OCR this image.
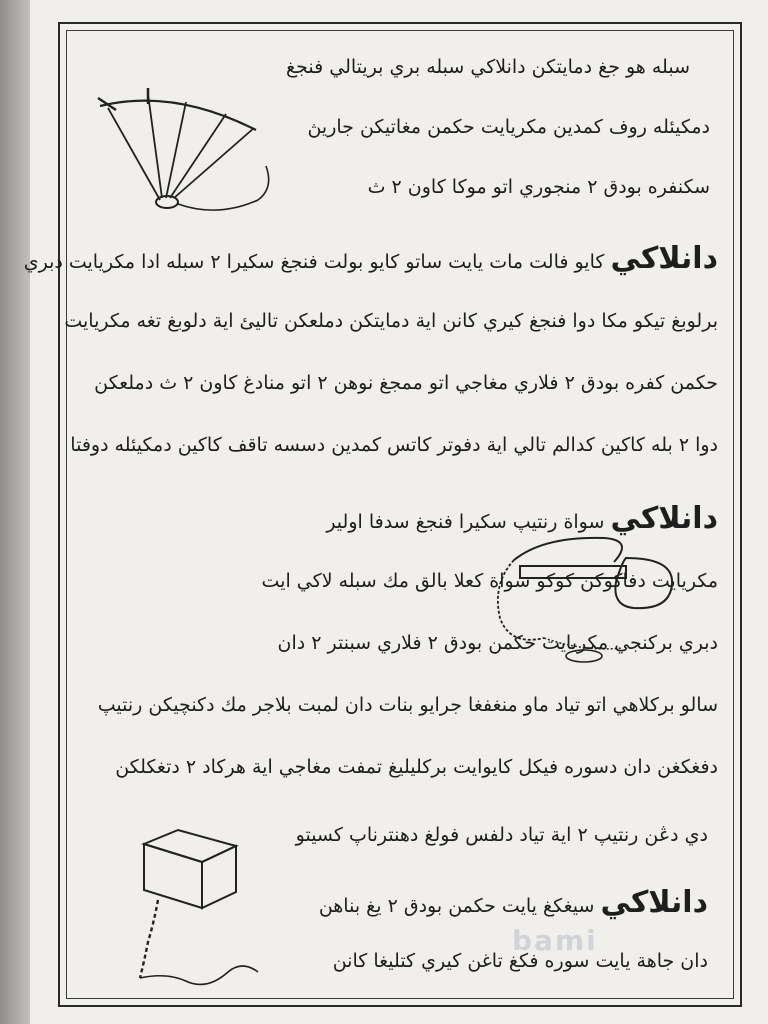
سبله هو جغ دمايتكن دانلاكي سبله بري بريتالي فنجغ
دمكيئله روف كمدين مكريايت حكمن مغاتيكن جاريڽ
سكنفره بودق ٢ منجوري اتو موكا كاون ٢ ث
دانلاكي كايو فالت مات يايت ساتو كايو بولت فنجغ سكيرا ٢ سبله ادا مكريايت دبري
برلوبغ تيكو مكا دوا فنجغ كيري كانن اية دمايتكن دملعكن تاليئ اية دلوبغ تغه مكريايت
حكمن كفره بودق ٢ فلاري مغاجي اتو ممجغ نوهن ٢ اتو منادغ كاون ٢ ث دملعكن
دوا ٢ بله كاكين كدالم تالي اية دفوتر كاتس كمدين دسسه تاقف كاكين دمكيئله دوفتا
دانلاكي سواة رنتيپ سكيرا فنجغ سدفا اولير
مكريايت دفاكوكن كوكو سواة كعلا بالق مك سبله لاكي ايت
دبري بركنجي مكريايت حكمن بودق ٢ فلاري سبنتر ٢ دان
سالو بركلاهي اتو تياد ماو منغفغا جرايو بنات دان لمبت بلاجر مك دكنچيكن رنتيپ
دفغكغن دان دسوره فيكل كايوايت بركليليغ تمفت مغاجي اية هركاد ٢ دتغكلكن
دي دڠن رنتيپ ٢ اية تياد دلفس فولغ دهنترناپ كسيتو
دانلاكي سيغكغ يايت حكمن بودق ٢ يغ بناهن
دان جاهة يايت سوره فكغ تاغن كيري كتليغا كانن
bami
